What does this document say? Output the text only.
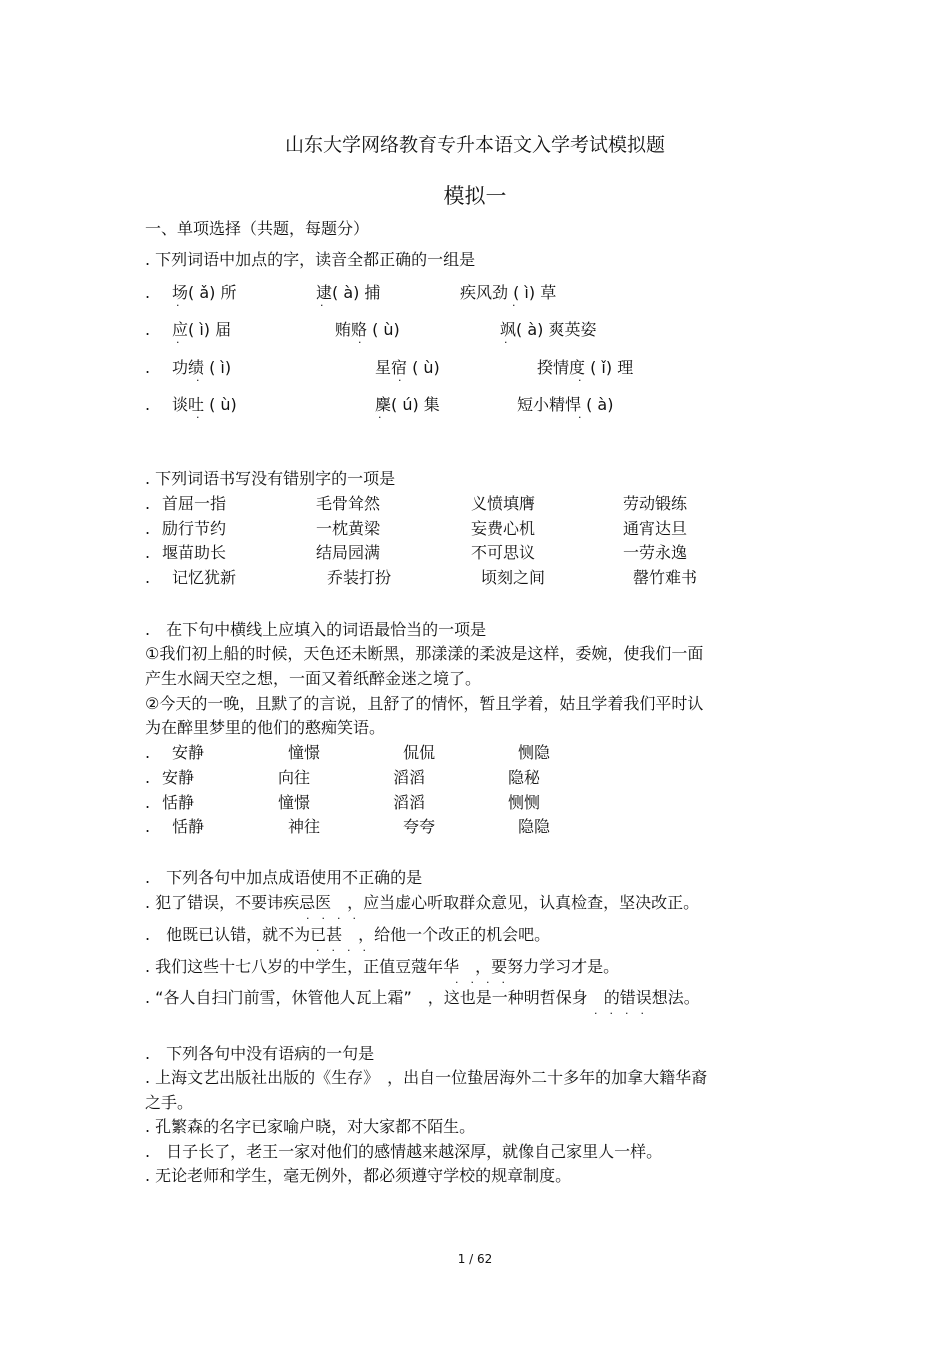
山东大学网络教育专升本语文入学考试模拟题
模拟一
一、单项选择（共题，每题分）
. 下列词语中加点的字，读音全都正确的一组是
. 场( ǎ) 所	逮( à) 捕	疾风劲 ( ì) 草
·	·	·
. 应( ì) 届	贿赂 ( ù)	飒( à) 爽英姿
·	·	·
. 功绩 ( ì)	星宿 ( ù)	揆情度 ( ǐ) 理
·	·	·
. 谈吐 ( ù)	麇( ú) 集	短小精悍 ( à)
·	·	·
. 下列词语书写没有错别字的一项是
. 首屈一指	毛骨耸然	义愤填膺	劳动锻练
. 励行节约	一枕黄梁	妄费心机	通宵达旦
. 堰苗助长	结局园满	不可思议	一劳永逸
. 记忆犹新	乔装打扮	顷刻之间	罄竹难书
.　在下句中横线上应填入的词语最恰当的一项是
①我们初上船的时候，天色还未断黑，那漾漾的柔波是这样，委婉，使我们一面
产生水阔天空之想，一面又着纸醉金迷之境了。
②今天的一晚，且默了的言说，且舒了的情怀，暂且学着，姑且学着我们平时认
为在醉里梦里的他们的憨痴笑语。
. 安静	憧憬	侃侃	恻隐
. 安静	向往	滔滔	隐秘
. 恬静	憧憬	滔滔	恻恻
. 恬静	神往	夸夸	隐隐
.　下列各句中加点成语使用不正确的是
. 犯了错误，不要讳疾忌医　，应当虚心听取群众意见，认真检查，坚决改正。
····
.　他既已认错，就不为已甚　，给他一个改正的机会吧。
····
. 我们这些十七八岁的中学生，正值豆蔻年华　，要努力学习才是。
····
. “各人自扫门前雪，休管他人瓦上霜”　，这也是一种明哲保身　的错误想法。
····
.　下列各句中没有语病的一句是
. 上海文艺出版社出版的《生存》　，出自一位蛰居海外二十多年的加拿大籍华裔
之手。
. 孔繁森的名字已家喻户晓，对大家都不陌生。
.　日子长了，老王一家对他们的感情越来越深厚，就像自己家里人一样。
. 无论老师和学生，毫无例外，都必须遵守学校的规章制度。
1 / 62
